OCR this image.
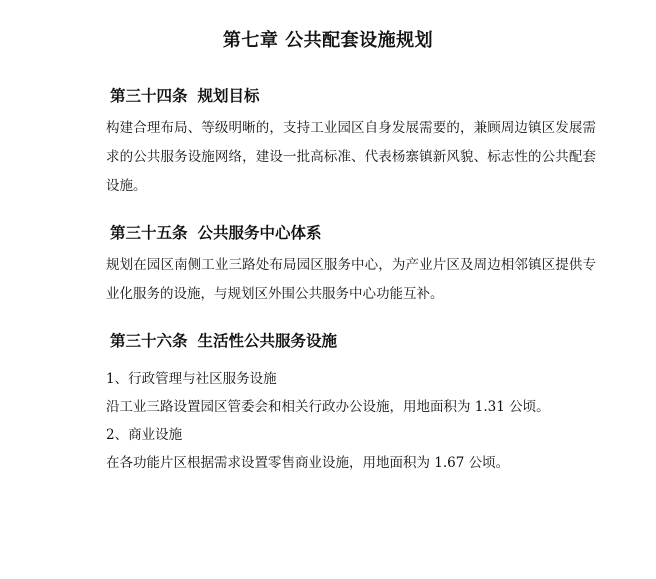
第七章 公共配套设施规划
第三十四条 规划目标
构建合理布局、等级明晰的，支持工业园区自身发展需要的，兼顾周边镇区发展需求的公共服务设施网络，建设一批高标准、代表杨寨镇新风貌、标志性的公共配套设施。
第三十五条 公共服务中心体系
规划在园区南侧工业三路处布局园区服务中心，为产业片区及周边相邻镇区提供专业化服务的设施，与规划区外围公共服务中心功能互补。
第三十六条 生活性公共服务设施
1、行政管理与社区服务设施
沿工业三路设置园区管委会和相关行政办公设施，用地面积为 1.31 公顷。
2、商业设施
在各功能片区根据需求设置零售商业设施，用地面积为 1.67 公顷。
